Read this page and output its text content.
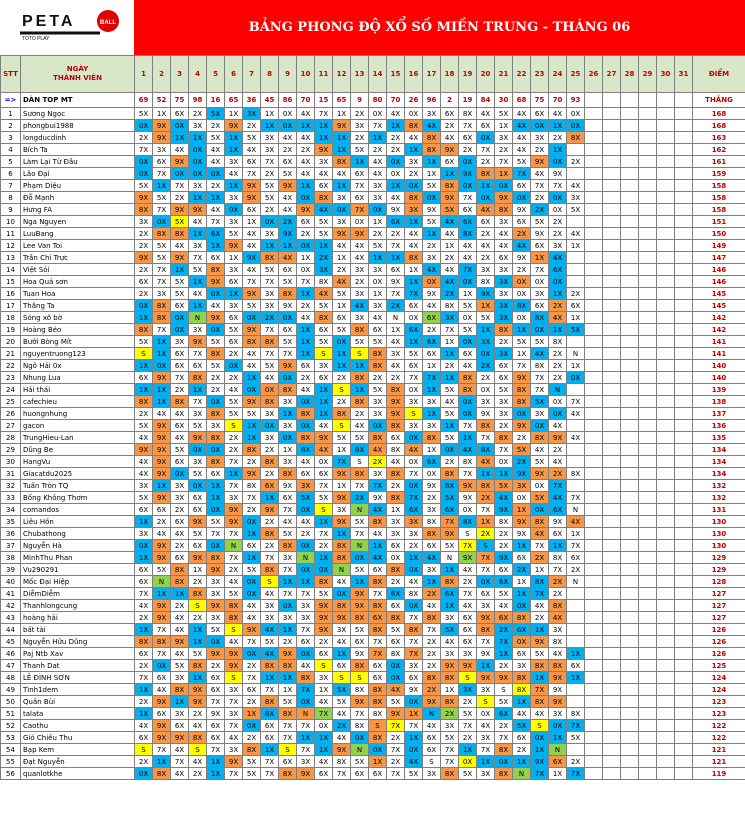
PETA	BALL
TOTO PLAY
BẢNG PHONG ĐỘ XỔ SỐ MIỀN TRUNG - THÁNG 06
STT	NGÀY
THÀNH VIÊN	1	2	3	4	5	6	7	8	9	10	11	12	13	14	15	16	17	18	19	20	21	22	23	24	25	26	27	28	29	30	31	ĐIỂM
=>	DÀN TOP MT	69	52	75	98	16	65	36	45	86	70	15	65	9	80	70	26	96	2	19	84	30	68	75	70	93							THẮNG
1	Sương Ngọc	5X	1X	6X	2X	5X	1X	3X	1X	0X	4X	7X	1X	2X	0X	4X	0X	3X	6X	8X	4X	5X	4X	6X	4X	0X							168
2	phongbui1988	0X	9X	0X	3X	2X	9X	2X	1X	0X	1X	1X	9X	3X	7X	1X	8X	4X	2X	7X	6X	1X	4X	0X	1X	0X							168
3	longducdinh	2X	9X	1X	1X	5X	1X	5X	3X	4X	4X	1X	1X	2X	1X	2X	4X	8X	4X	6X	0X	3X	4X	3X	2X	8X							163
4	Bích Ta	7X	3X	4X	0X	4X	1X	4X	3X	2X	2X	9X	1X	5X	2X	2X	1X	8X	9X	2X	7X	2X	4X	2X	1X								162
5	Làm Lại Từ Đầu	0X	6X	9X	0X	4X	3X	6X	7X	6X	4X	3X	8X	1X	4X	0X	3X	1X	6X	0X	2X	7X	5X	9X	0X	2X							161
6	Lão Đại	0X	7X	0X	0X	0X	4X	7X	2X	5X	4X	4X	4X	6X	4X	0X	2X	1X	1X	9X	8X	1X	7X	4X	9X								159
7	Phạm Diệu	5X	1X	7X	3X	2X	1X	9X	5X	9X	1X	6X	1X	7X	3X	1X	0X	5X	8X	0X	1X	0X	6X	7X	7X	4X							158
8	Đỗ Mạnh	9X	5X	2X	1X	1X	3X	9X	5X	4X	0X	8X	3X	6X	3X	4X	8X	0X	9X	7X	0X	9X	0X	2X	0X	3X							158
9	Hưng FA	8X	7X	9X	9X	4X	0X	6X	2X	4X	9X	4X	0X	7X	0X	9X	3X	9X	5X	6X	4X	8X	9X	2X	0X	5X							158
10	Nga Nguyen	3X	0X	5X	4X	7X	3X	1X	0X	2X	6X	5X	3X	0X	1X	6X	1X	5X	4X	6X	6X	3X	6X	5X	2X								151
11	LuuBang	2X	8X	8X	1X	6X	5X	4X	3X	9X	2X	5X	9X	9X	2X	2X	4X	1X	4X	8X	2X	4X	2X	9X	2X	4X							150
12	Lee Van Toi	2X	5X	4X	3X	1X	9X	4X	1X	1X	0X	1X	4X	4X	5X	7X	4X	2X	1X	4X	4X	4X	4X	6X	3X	1X							149
13	Trần Chí Trực	9X	5X	9X	7X	6X	1X	9X	8X	4X	1X	2X	1X	4X	1X	1X	8X	3X	2X	4X	2X	6X	9X	1X	4X								147
14	Việt Sói	2X	7X	1X	5X	8X	3X	4X	5X	6X	0X	3X	2X	3X	3X	6X	1X	4X	4X	7X	3X	3X	2X	7X	6X								146
15	Hoa Quả sơn	6X	7X	5X	1X	9X	6X	7X	7X	5X	7X	8X	4X	2X	0X	9X	1X	0X	4X	0X	8X	3X	0X	0X	0X								146
16	Tuan Hoa	2X	3X	5X	4X	0X	1X	9X	3X	8X	1X	4X	5X	3X	1X	7X	7X	9X	2X	1X	9X	3X	0X	3X	1X	2X							145
17	Thắng Ta	0X	8X	6X	1X	4X	3X	5X	3X	9X	2X	5X	1X	4X	3X	2X	6X	4X	8X	5X	1X	3X	8X	6X	2X	6X							145
18	Sóng xô bờ	1X	8X	0X	N	9X	6X	0X	2X	0X	4X	8X	6X	3X	4X	N	0X	6X	3X	0X	5X	3X	0X	8X	4X	1X							142
19	Hoàng Béo	8X	7X	0X	3X	0X	5X	9X	7X	6X	1X	6X	5X	8X	6X	1X	6X	2X	7X	5X	1X	8X	1X	0X	1X	5X							142
20	Bưởi Bòng Mít	5X	1X	3X	9X	5X	6X	8X	8X	5X	1X	5X	0X	5X	5X	4X	1X	6X	1X	0X	3X	2X	5X	5X	8X								141
21	nguyentruong123	S	1X	6X	7X	8X	2X	4X	7X	7X	1X	S	1X	S	8X	3X	5X	6X	1X	6X	0X	3X	1X	4X	2X	N							141
22	Ngô Hải 0x	1X	0X	6X	6X	5X	0X	4X	5X	9X	6X	3X	1X	1X	8X	4X	6X	1X	2X	4X	2X	6X	7X	8X	2X	1X							140
23	Nhung Lua	6X	9X	7X	8X	2X	2X	1X	4X	0X	2X	6X	2X	8X	2X	2X	7X	7X	1X	8X	2X	6X	9X	7X	2X	0X							140
24	Hải thái	1X	1X	2X	1X	2X	4X	0X	0X	8X	4X	1X	S	1X	5X	8X	0X	1X	5X	8X	0X	5X	8X	7X	N								139
25	cafechieu	8X	1X	8X	7X	0X	5X	9X	8X	3X	0X	1X	2X	8X	3X	9X	3X	3X	4X	0X	3X	3X	8X	5X	0X	7X							138
26	huongnhung	2X	4X	4X	3X	8X	5X	5X	3X	1X	8X	1X	8X	2X	3X	9X	S	1X	5X	0X	9X	3X	0X	3X	0X	4X							137
27	gacon	5X	9X	6X	5X	3X	S	1X	0X	3X	0X	4X	S	4X	0X	8X	3X	3X	1X	7X	8X	2X	9X	0X	4X								136
28	TrungHieu-Lan	4X	9X	4X	9X	8X	2X	1X	3X	0X	8X	9X	5X	5X	8X	6X	0X	8X	5X	1X	7X	8X	2X	8X	9X	4X							135
29	Dũng Be	9X	9X	5X	0X	0X	2X	8X	2X	1X	8X	4X	1X	8X	4X	8X	4X	1X	0X	4X	8X	7X	5X	4X	2X								134
30	HangVu	4X	9X	6X	3X	8X	7X	2X	8X	3X	4X	0X	7X	S	2X	4X	0X	6X	2X	8X	4X	0X	2X	5X	4X								134
31	Giacatdu2025	4X	9X	0X	5X	6X	1X	9X	2X	8X	6X	6X	9X	8X	3X	8X	7X	0X	8X	7X	1X	1X	9X	9X	2X	8X							134
32	Tuấn Tròn TQ	3X	1X	3X	0X	1X	7X	8X	6X	9X	3X	7X	1X	7X	7X	2X	0X	9X	8X	9X	8X	5X	3X	0X	7X								132
33	Bống Không Thơm	5X	9X	3X	6X	1X	3X	7X	1X	6X	5X	5X	9X	2X	9X	8X	7X	2X	5X	9X	2X	4X	0X	5X	4X	7X							132
34	comandos	6X	6X	2X	6X	0X	9X	2X	9X	7X	0X	S	3X	N	4X	1X	6X	3X	6X	0X	7X	9X	1X	0X	6X	N							131
35	Liêu Hồn	1X	2X	6X	9X	5X	9X	0X	2X	4X	4X	1X	9X	5X	8X	3X	3X	8X	7X	8X	1X	8X	9X	8X	9X	4X							130
36	Chubathong	3X	4X	4X	5X	7X	7X	1X	8X	5X	2X	7X	1X	7X	4X	3X	3X	8X	9X	S	2X	2X	9X	4X	6X	1X							130
37	Nguyễn Hà	0X	9X	2X	6X	0X	N	6X	2X	8X	0X	2X	8X	N	1X	6X	2X	6X	5X	7X	S	2X	1X	7X	1X	7X							130
38	MinhThu Phan	1X	9X	6X	9X	8X	7X	1X	7X	3X	N	1X	8X	0X	4X	0X	1X	4X	N	9X	7X	9X	6X	2X	8X	6X							129
39	Vu290291	6X	5X	8X	1X	9X	2X	5X	8X	7X	0X	0X	N	5X	6X	8X	0X	3X	1X	4X	7X	6X	2X	1X	7X	2X							129
40	Mốc Đại Hiệp	6X	N	8X	2X	3X	4X	0X	S	1X	1X	8X	4X	1X	8X	2X	4X	1X	8X	2X	0X	6X	1X	8X	2X	N							128
41	DiễmDiễm	7X	1X	1X	8X	3X	5X	0X	4X	7X	7X	5X	0X	9X	7X	6X	8X	2X	6X	7X	6X	5X	1X	7X	2X								127
42	Thanhlongcung	4X	9X	2X	S	9X	8X	4X	3X	0X	3X	9X	8X	9X	8X	6X	0X	4X	1X	4X	3X	4X	0X	4X	8X								127
43	hoàng hải	2X	9X	4X	2X	3X	8X	4X	3X	3X	3X	9X	9X	8X	6X	8X	7X	8X	3X	6X	9X	6X	8X	2X	4X								127
44	bất tài	1X	7X	4X	1X	5X	S	9X	4X	1X	7X	9X	3X	5X	8X	5X	8X	7X	5X	6X	8X	2X	6X	1X	3X								126
45	Nguyễn Hữu Dũng	8X	8X	9X	1X	0X	4X	7X	5X	2X	6X	2X	4X	6X	7X	6X	7X	2X	4X	6X	7X	7X	0X	9X	8X								126
46	Paj Ntb Xav	6X	7X	4X	5X	9X	9X	0X	4X	9X	0X	6X	1X	9X	7X	8X	7X	2X	3X	3X	9X	1X	6X	5X	4X	1X							126
47	Thanh Dat	2X	0X	5X	8X	2X	9X	2X	8X	8X	4X	S	6X	8X	6X	0X	3X	2X	9X	9X	1X	2X	3X	8X	8X	6X							125
48	LÊ ĐÌNH SƠN	7X	6X	3X	1X	6X	S	7X	1X	1X	8X	3X	S	S	6X	0X	6X	8X	8X	S	9X	9X	8X	1X	9X	1X							124
49	Tình1dem	1X	4X	8X	9X	6X	3X	6X	7X	1X	7X	1X	5X	8X	8X	4X	9X	2X	1X	3X	3X	S	8X	7X	9X								124
50	Quân Bùi	2X	9X	1X	9X	7X	7X	2X	8X	5X	0X	4X	5X	9X	8X	5X	0X	9X	8X	2X	S	5X	1X	8X	9X								123
51	talata	1X	6X	3X	2X	9X	3X	1X	8X	8X	N	7X	4X	7X	8X	9X	1X	N	2X	5X	0X	6X	4X	4X	3X	8X							123
52	Caothu	4X	9X	6X	4X	6X	7X	0X	6X	7X	7X	0X	2X	8X	S	7X	7X	4X	3X	7X	4X	2X	5X	S	0X	7X							122
53	Gió Chiều Thu	6X	9X	9X	8X	6X	4X	2X	6X	7X	1X	1X	4X	0X	8X	2X	1X	6X	5X	2X	3X	7X	6X	0X	1X	5X							122
54	Bạp Kem	S	7X	4X	S	7X	3X	8X	1X	S	7X	1X	9X	N	0X	7X	0X	6X	7X	1X	7X	8X	2X	1X	N								121
55	Đạt Nguyễn	2X	1X	7X	4X	1X	9X	5X	7X	6X	3X	4X	8X	5X	1X	2X	4X	S	7X	0X	1X	0X	1X	9X	6X	2X							121
56	quanlotkhe	0X	8X	4X	2X	1X	7X	5X	7X	8X	9X	6X	7X	6X	6X	7X	5X	3X	8X	5X	3X	8X	N	7X	1X	7X							119
